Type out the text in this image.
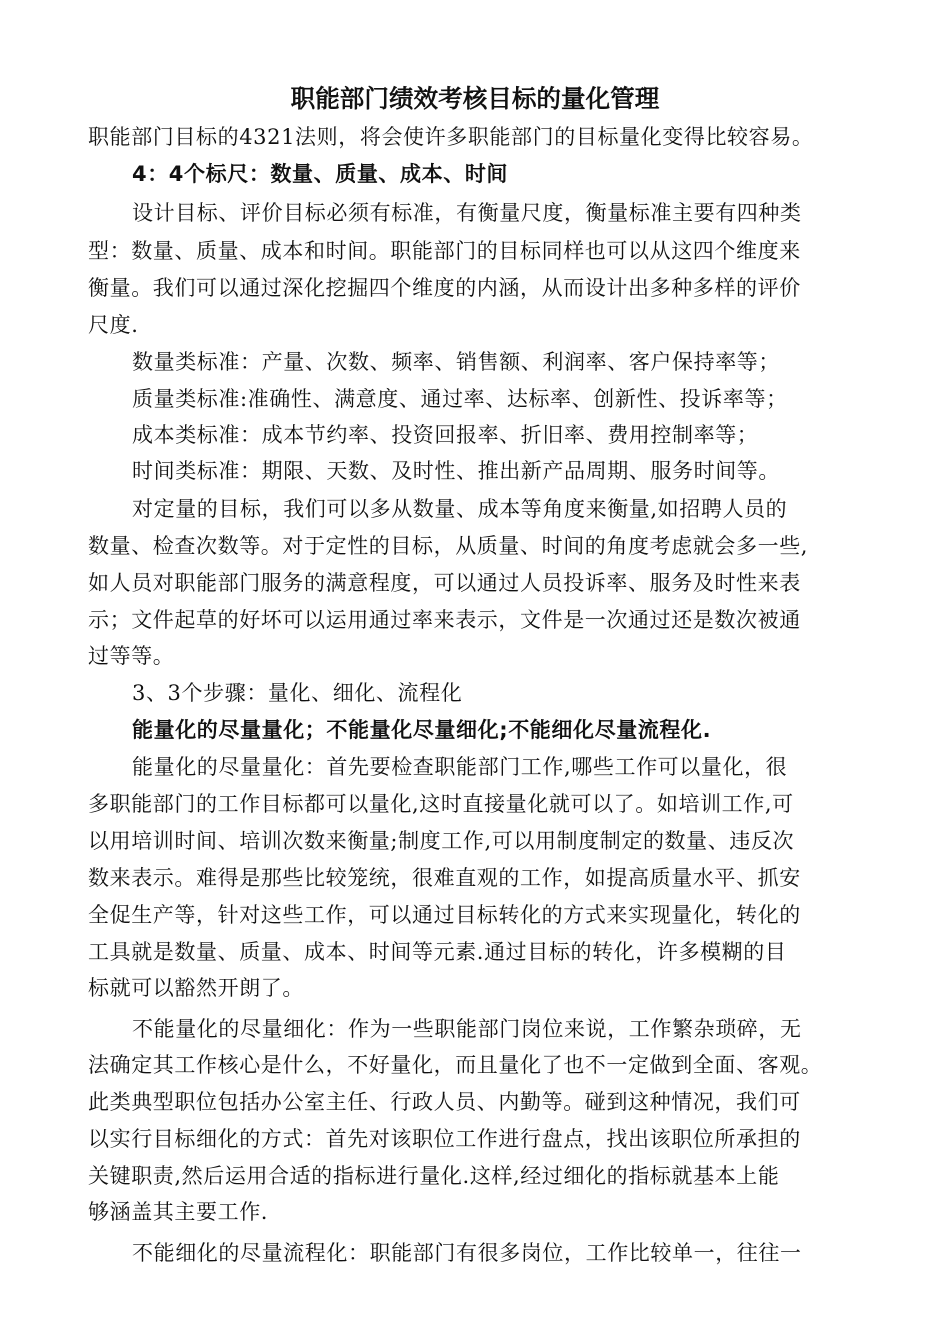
职能部门绩效考核目标的量化管理
职能部门目标的4321法则，将会使许多职能部门的目标量化变得比较容易。
4：4个标尺：数量、质量、成本、时间
设计目标、评价目标必须有标准，有衡量尺度，衡量标准主要有四种类
型：数量、质量、成本和时间。职能部门的目标同样也可以从这四个维度来
衡量。我们可以通过深化挖掘四个维度的内涵，从而设计出多种多样的评价
尺度.
数量类标准：产量、次数、频率、销售额、利润率、客户保持率等；
质量类标准:准确性、满意度、通过率、达标率、创新性、投诉率等；
成本类标准：成本节约率、投资回报率、折旧率、费用控制率等；
时间类标准：期限、天数、及时性、推出新产品周期、服务时间等。
对定量的目标，我们可以多从数量、成本等角度来衡量,如招聘人员的
数量、检查次数等。对于定性的目标，从质量、时间的角度考虑就会多一些,
如人员对职能部门服务的满意程度，可以通过人员投诉率、服务及时性来表
示；文件起草的好坏可以运用通过率来表示，文件是一次通过还是数次被通
过等等。
3、3个步骤：量化、细化、流程化
能量化的尽量量化；不能量化尽量细化;不能细化尽量流程化.
能量化的尽量量化：首先要检查职能部门工作,哪些工作可以量化，很
多职能部门的工作目标都可以量化,这时直接量化就可以了。如培训工作,可
以用培训时间、培训次数来衡量;制度工作,可以用制度制定的数量、违反次
数来表示。难得是那些比较笼统，很难直观的工作，如提高质量水平、抓安
全促生产等，针对这些工作，可以通过目标转化的方式来实现量化，转化的
工具就是数量、质量、成本、时间等元素.通过目标的转化，许多模糊的目
标就可以豁然开朗了。
不能量化的尽量细化：作为一些职能部门岗位来说，工作繁杂琐碎，无
法确定其工作核心是什么，不好量化，而且量化了也不一定做到全面、客观。
此类典型职位包括办公室主任、行政人员、内勤等。碰到这种情况，我们可
以实行目标细化的方式：首先对该职位工作进行盘点，找出该职位所承担的
关键职责,然后运用合适的指标进行量化.这样,经过细化的指标就基本上能
够涵盖其主要工作.
不能细化的尽量流程化：职能部门有很多岗位，工作比较单一，往往一
